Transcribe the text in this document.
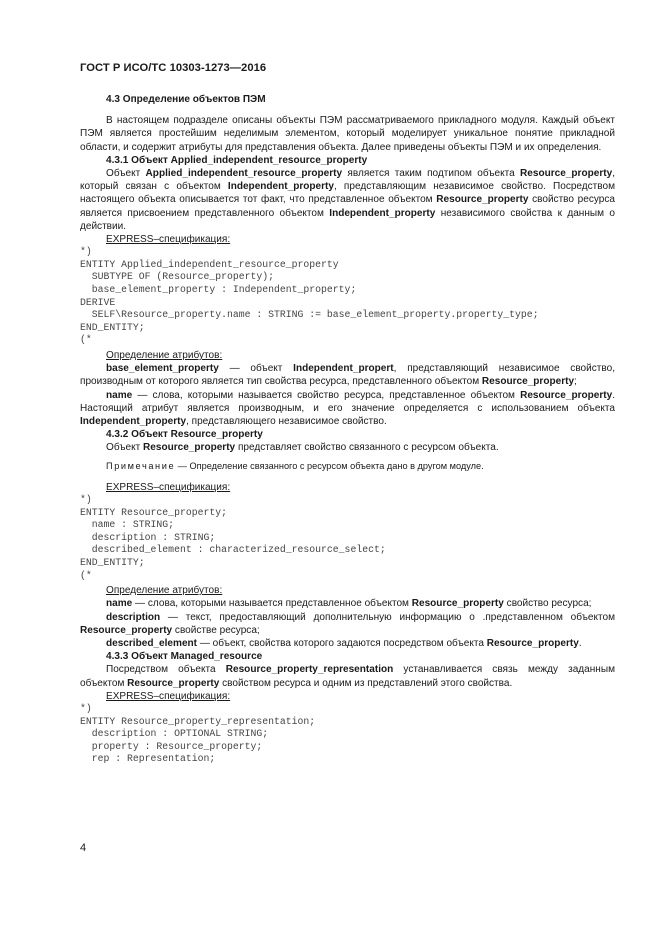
ГОСТ Р ИСО/ТС 10303-1273—2016

4.3 Определение объектов ПЭМ

В настоящем подразделе описаны объекты ПЭМ рассматриваемого прикладного модуля. Каждый объект ПЭМ является простейшим неделимым элементом, который моделирует уникальное понятие прикладной области, и содержит атрибуты для представления объекта. Далее приведены объекты ПЭМ и их определения.

4.3.1 Объект Applied_independent_resource_property

Объект Applied_independent_resource_property является таким подтипом объекта Resource_property, который связан с объектом Independent_property, представляющим независимое свойство. Посредством настоящего объекта описывается тот факт, что представленное объектом Resource_property свойство ресурса является присвоением представленного объектом Independent_property независимого свойства к данным о действии.

EXPRESS–спецификация:

*)
ENTITY Applied_independent_resource_property
SUBTYPE OF (Resource_property);
base_element_property : Independent_property;
DERIVE
SELF\Resource_property.name : STRING := base_element_property.property_type;
END_ENTITY;
(*

Определение атрибутов:

base_element_property — объект Independent_propert, представляющий независимое свойство, производным от которого является тип свойства ресурса, представленного объектом Resource_property;

name — слова, которыми называется свойство ресурса, представленное объектом Resource_property. Настоящий атрибут является производным, и его значение определяется с использованием объекта Independent_property, представляющего независимое свойство.

4.3.2 Объект Resource_property

Объект Resource_property представляет свойство связанного с ресурсом объекта.

Примечание — Определение связанного с ресурсом объекта дано в другом модуле.

EXPRESS–спецификация:

*)
ENTITY Resource_property;
name : STRING;
description : STRING;
described_element : characterized_resource_select;
END_ENTITY;
(*

Определение атрибутов:

name — слова, которыми называется представленное объектом Resource_property свойство ресурса;

description — текст, предоставляющий дополнительную информацию о .представленном объектом Resource_property свойстве ресурса;

described_element — объект, свойства которого задаются посредством объекта Resource_property.

4.3.3 Объект Managed_resource

Посредством объекта Resource_property_representation устанавливается связь между заданным объектом Resource_property свойством ресурса и одним из представлений этого свойства.

EXPRESS–спецификация:

*)
ENTITY Resource_property_representation;
description : OPTIONAL STRING;
property : Resource_property;
rep : Representation;
4
